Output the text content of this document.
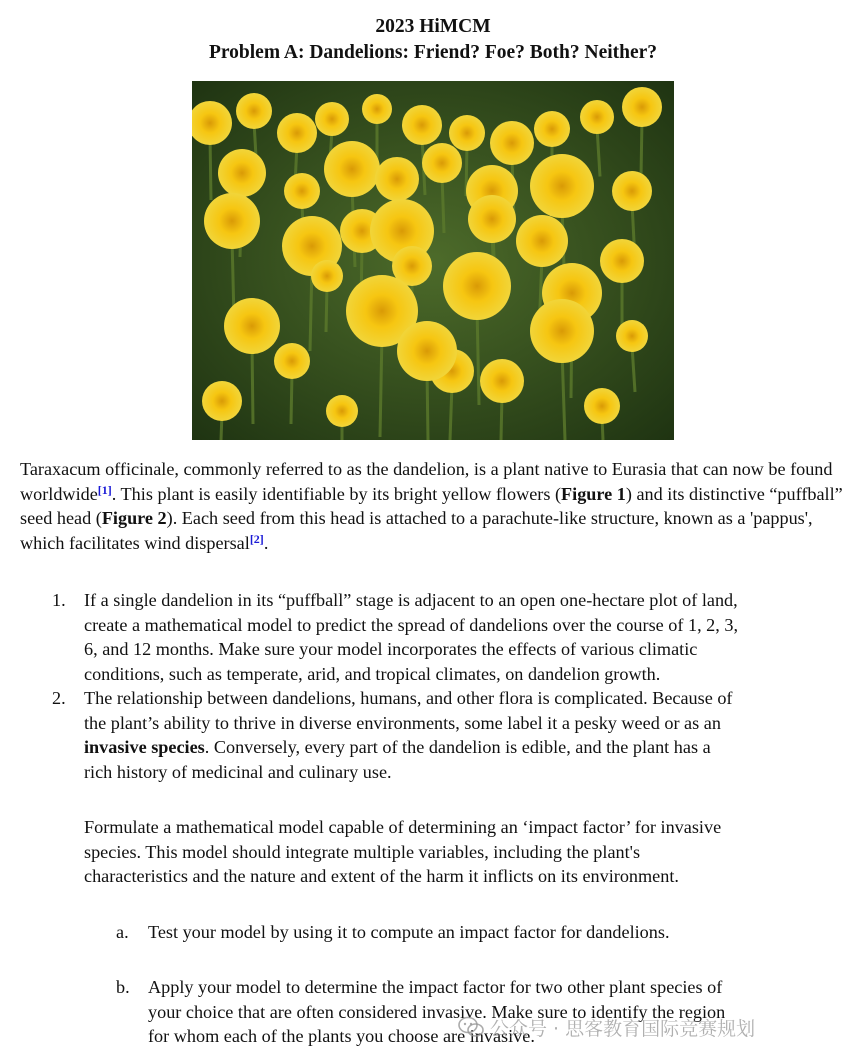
2023 HiMCM
Problem A: Dandelions: Friend? Foe? Both? Neither?

Taraxacum officinale, commonly referred to as the dandelion, is a plant native to Eurasia that can now be found worldwide[1]. This plant is easily identifiable by its bright yellow flowers (Figure 1) and its distinctive “puffball” seed head (Figure 2). Each seed from this head is attached to a parachute-like structure, known as a 'pappus', which facilitates wind dispersal[2].

1. If a single dandelion in its “puffball” stage is adjacent to an open one-hectare plot of land,
create a mathematical model to predict the spread of dandelions over the course of 1, 2, 3,
6, and 12 months. Make sure your model incorporates the effects of various climatic
conditions, such as temperate, arid, and tropical climates, on dandelion growth.
2. The relationship between dandelions, humans, and other flora is complicated. Because of
the plant’s ability to thrive in diverse environments, some label it a pesky weed or as an
invasive species. Conversely, every part of the dandelion is edible, and the plant has a
rich history of medicinal and culinary use.
Formulate a mathematical model capable of determining an ‘impact factor’ for invasive
species. This model should integrate multiple variables, including the plant's
characteristics and the nature and extent of the harm it inflicts on its environment.
a. Test your model by using it to compute an impact factor for dandelions.
b. Apply your model to determine the impact factor for two other plant species of
your choice that are often considered invasive. Make sure to identify the region
for whom each of the plants you choose are invasive.
公众号 · 思客教育国际竞赛规划
